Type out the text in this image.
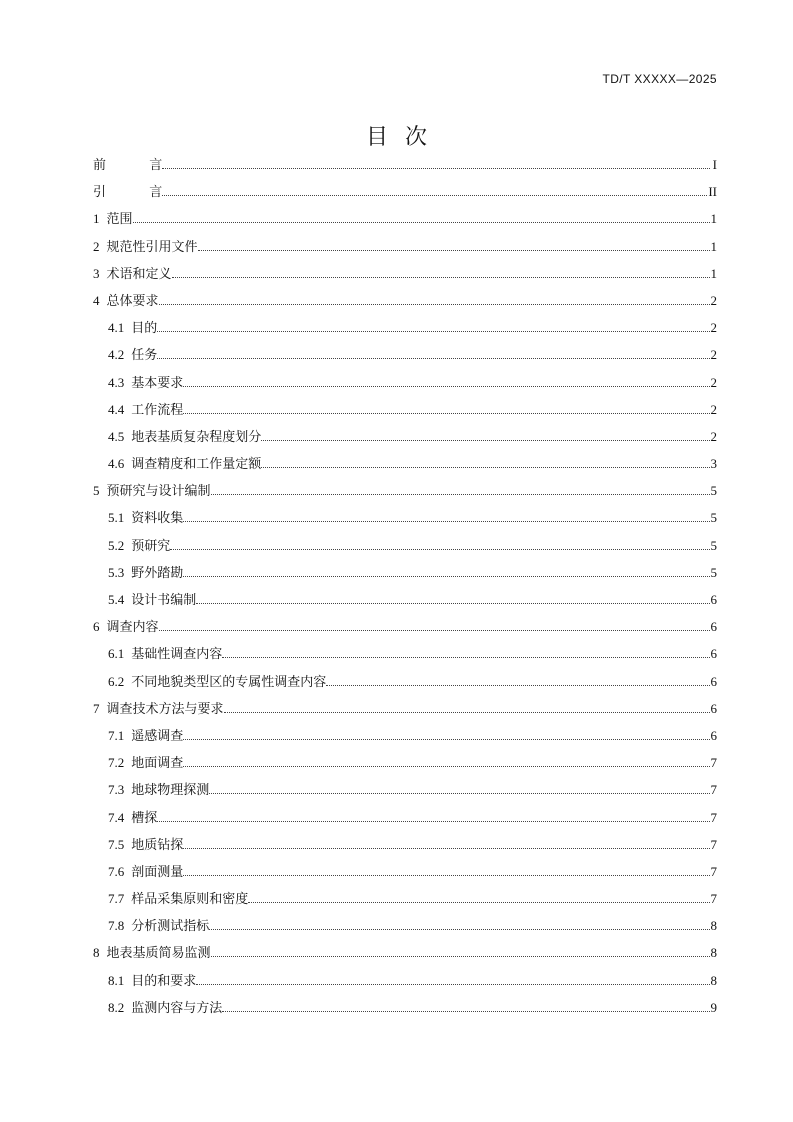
TD/T XXXXX—2025
目 次
前 言	I
引 言	II
1 范围	1
2 规范性引用文件	1
3 术语和定义	1
4 总体要求	2
4.1 目的	2
4.2 任务	2
4.3 基本要求	2
4.4 工作流程	2
4.5 地表基质复杂程度划分	2
4.6 调查精度和工作量定额	3
5 预研究与设计编制	5
5.1 资料收集	5
5.2 预研究	5
5.3 野外踏勘	5
5.4 设计书编制	6
6 调查内容	6
6.1 基础性调查内容	6
6.2 不同地貌类型区的专属性调查内容	6
7 调查技术方法与要求	6
7.1 遥感调查	6
7.2 地面调查	7
7.3 地球物理探测	7
7.4 槽探	7
7.5 地质钻探	7
7.6 剖面测量	7
7.7 样品采集原则和密度	7
7.8 分析测试指标	8
8 地表基质简易监测	8
8.1 目的和要求	8
8.2 监测内容与方法	9
